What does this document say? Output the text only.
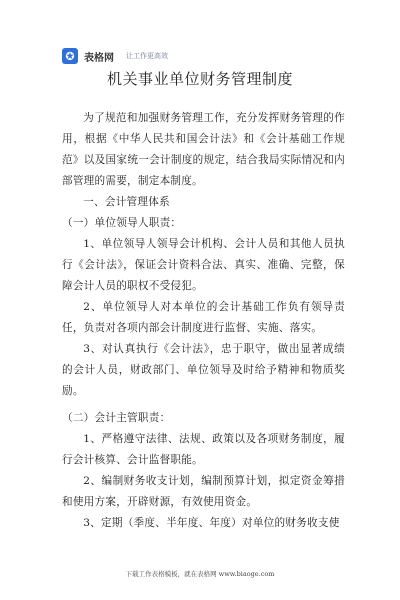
✪ 表格网 让工作更高效
机关事业单位财务管理制度

为了规范和加强财务管理工作，充分发挥财务管理的作用，根据《中华人民共和国会计法》和《会计基础工作规范》以及国家统一会计制度的规定，结合我局实际情况和内部管理的需要，制定本制度。

一、会计管理体系

（一）单位领导人职责：

1、单位领导人领导会计机构、会计人员和其他人员执行《会计法》，保证会计资料合法、真实、准确、完整，保障会计人员的职权不受侵犯。

2、单位领导人对本单位的会计基础工作负有领导责任，负责对各项内部会计制度进行监督、实施、落实。

3、对认真执行《会计法》，忠于职守，做出显著成绩的会计人员，财政部门、单位领导及时给予精神和物质奖励。

（二）会计主管职责：

1、严格遵守法律、法规、政策以及各项财务制度，履行会计核算、会计监督职能。

2、编制财务收支计划，编制预算计划，拟定资金筹措和使用方案，开辟财源，有效使用资金。

3、定期（季度、半年度、年度）对单位的财务收支使

下载工作表格模板，就在表格网 www.biaoge.com
